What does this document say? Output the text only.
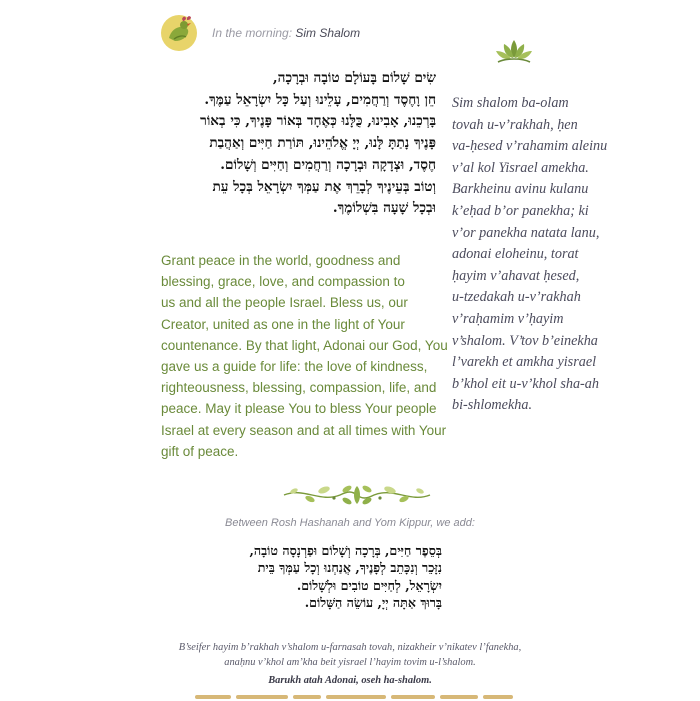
In the morning: Sim Shalom
שִׂים שָׁלוֹם בָּעוֹלָם טוֹבָה וּבְרָכָה,
חֵן וָחֶסֶד וְרַחֲמִים, עָלֵינוּ וְעַל כָּל יִשְׂרָאֵל עַמֶּךָ.
בָּרְכֵנוּ, אָבִינוּ, כֻּלָּנוּ כְּאֶחָד בְּאוֹר פָּנֶיךָ, כִּי בְאוֹר
פָּנֶיךָ נָתַתָּ לָּנוּ, יְיָ אֱלֹהֵינוּ, תּוֹרַת חַיִּים וְאַהֲבַת
חֶסֶד, וּצְדָקָה וּבְרָכָה וְרַחֲמִים וְחַיִּים וְשָׁלוֹם.
וְטוֹב בְּעֵינֶיךָ לְבָרֵךְ אֶת עַמְּךָ יִשְׂרָאֵל בְּכָל עֵת
וּבְכָל שָׁעָה בִּשְׁלוֹמֶךָ.
Grant peace in the world, goodness and
blessing, grace, love, and compassion to
us and all the people Israel. Bless us, our
Creator, united as one in the light of Your
countenance. By that light, Adonai our God, You
gave us a guide for life: the love of kindness,
righteousness, blessing, compassion, life, and
peace. May it please You to bless Your people
Israel at every season and at all times with Your
gift of peace.
Sim shalom ba-olam
tovah u-v’rakhah, ḥen
va-ḥesed v’rahamim aleinu
v’al kol Yisrael amekha.
Barkheinu avinu kulanu
k’eḥad b’or panekha; ki
v’or panekha natata lanu,
adonai eloheinu, torat
ḥayim v’ahavat ḥesed,
u-tzedakah u-v’rakhah
v’raḥamim v’ḥayim
v’shalom. V’tov b’einekha
l’varekh et amkha yisrael
b’khol eit u-v’khol sha-ah
bi-shlomekha.
Between Rosh Hashanah and Yom Kippur, we add:
בְּסֵפֶר חַיִּים, בְּרָכָה וְשָׁלוֹם וּפַרְנָסָה טוֹבָה,
נִזָּכֵר וְנִכָּתֵב לְפָנֶיךָ, אֲנַחְנוּ וְכָל עַמְּךָ בֵּית
יִשְׂרָאֵל, לְחַיִּים טוֹבִים וּלְשָׁלוֹם.
בָּרוּךְ אַתָּה יְיָ, עוֹשֵׂה הַשָּׁלוֹם.
B’seifer hayim b’rakhah v’shalom u-farnasah tovah, nizakheir v’nikatev l’fanekha,
anaḥnu v’khol am’kha beit yisrael l’hayim tovim u-l’shalom.
Barukh atah Adonai, oseh ha-shalom.
